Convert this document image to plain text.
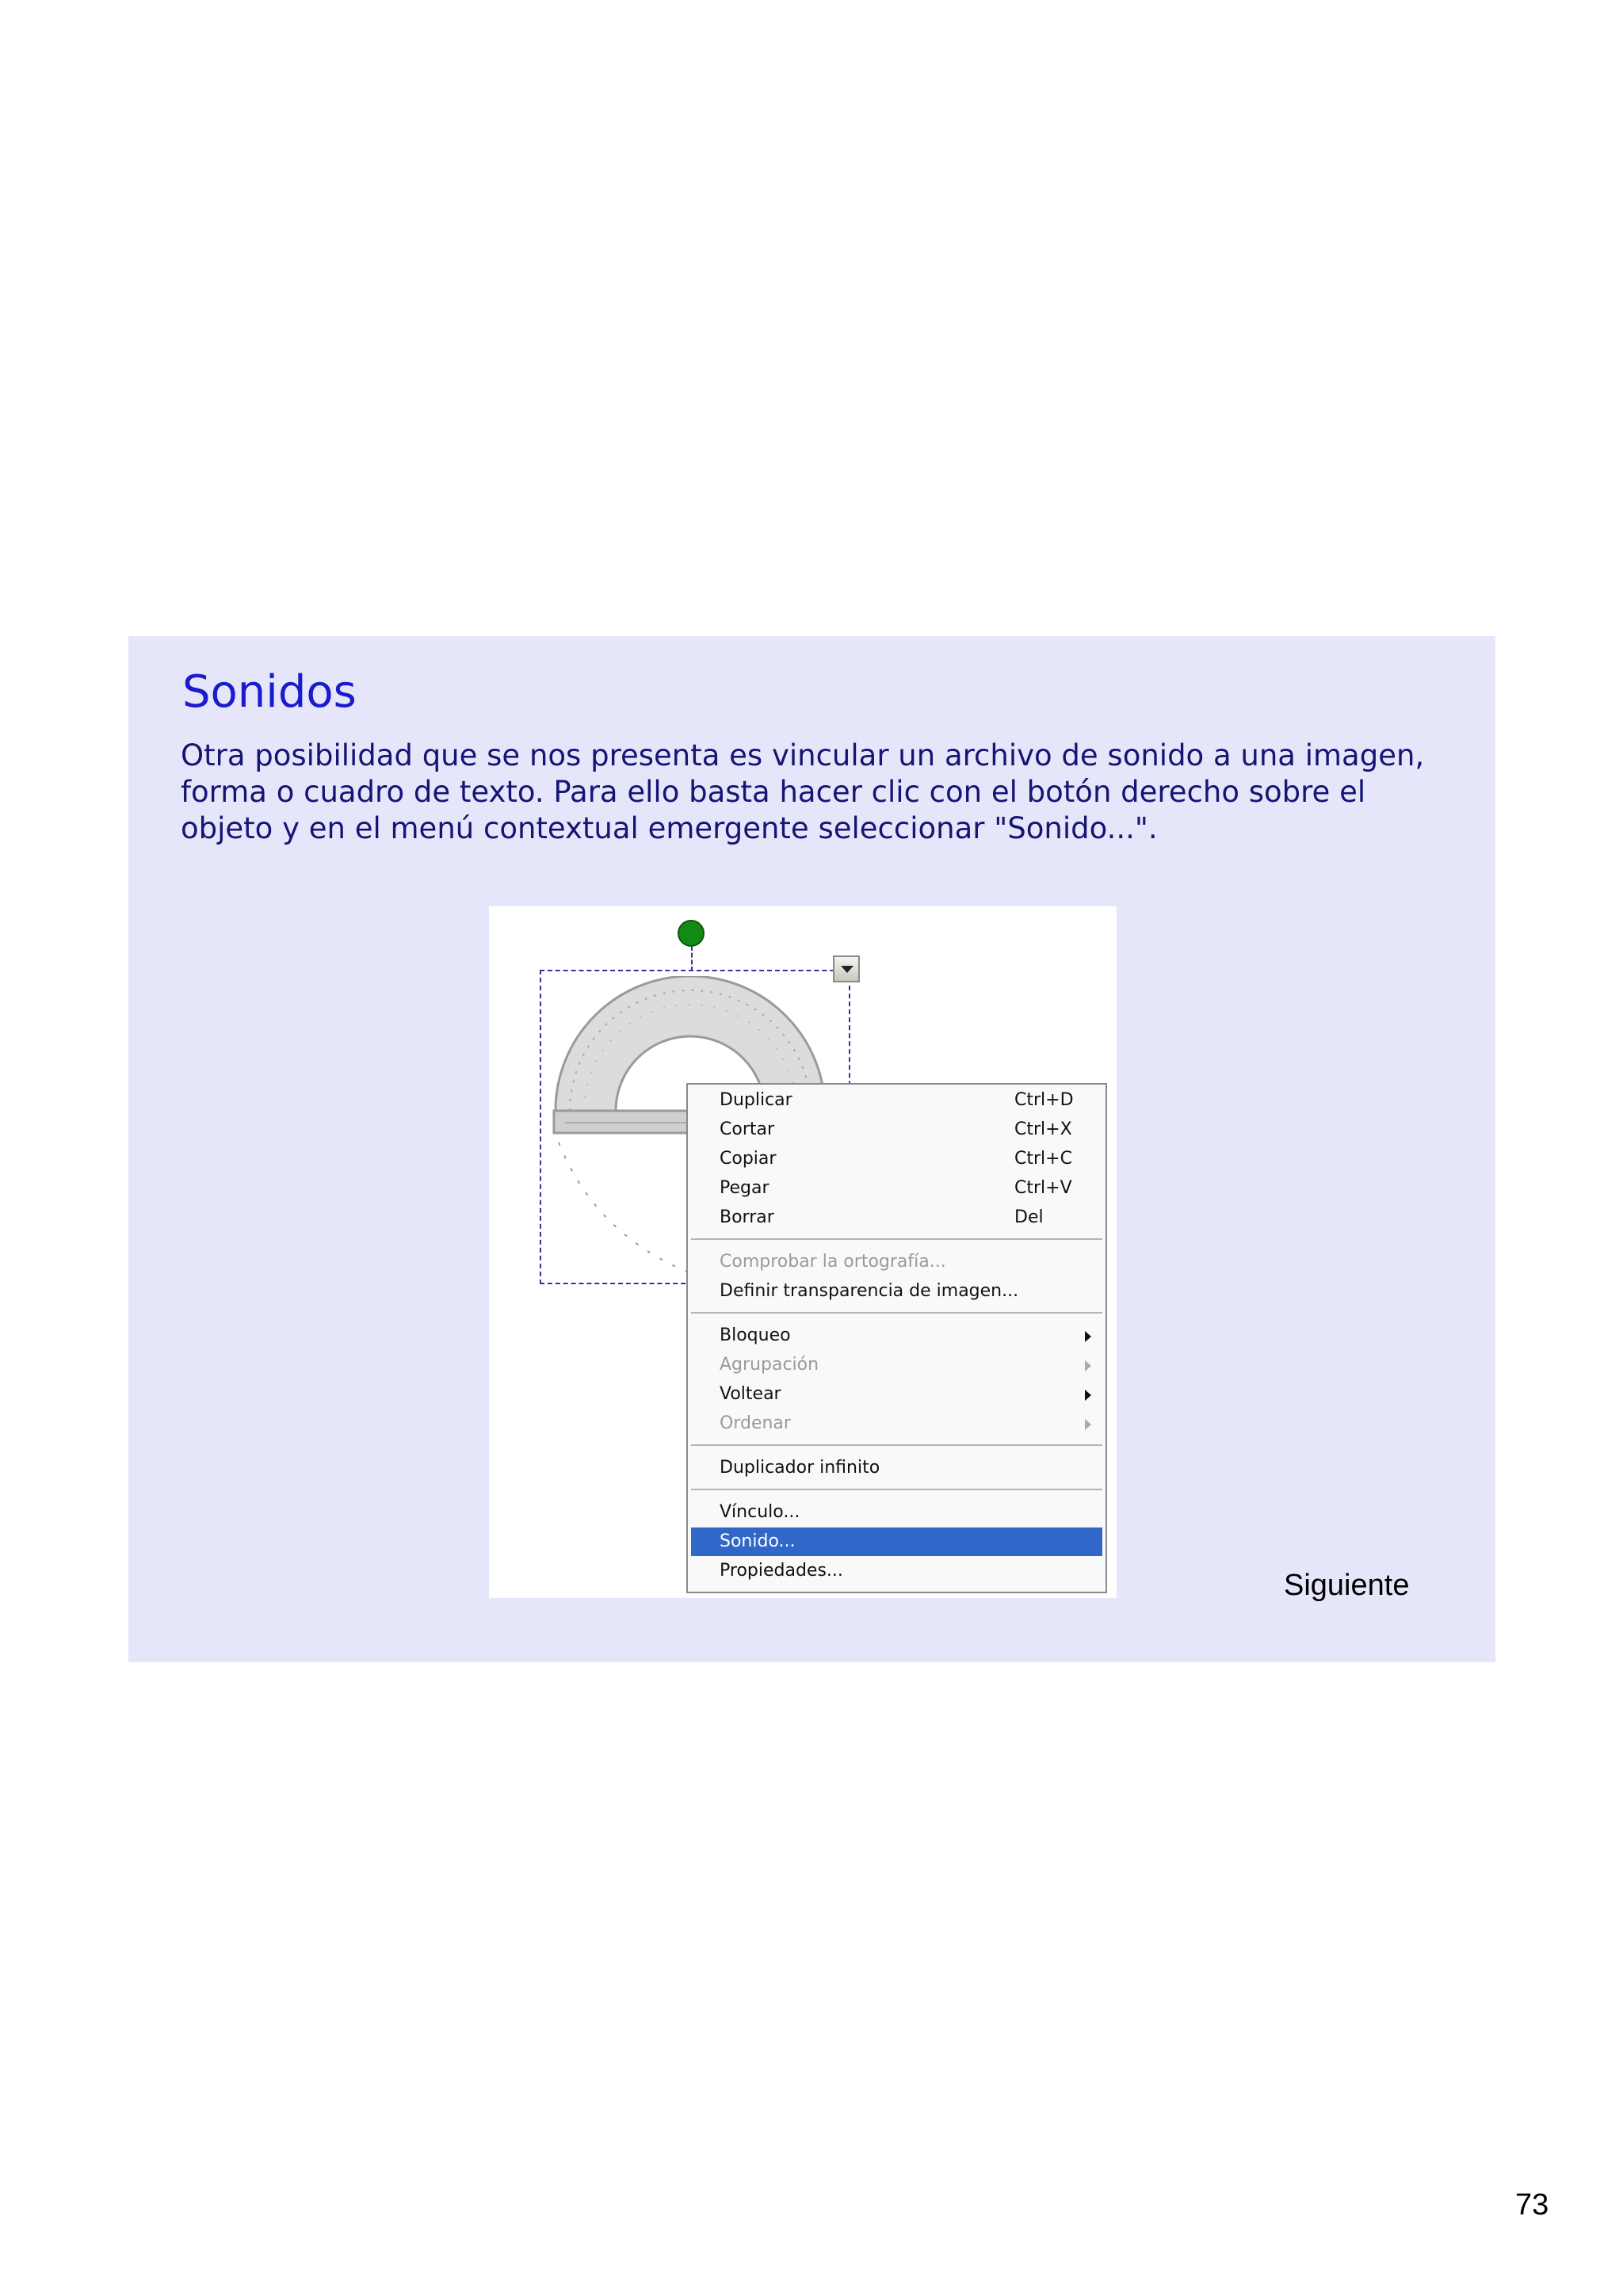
Sonidos

Otra posibilidad que se nos presenta es vincular un archivo de sonido a una imagen, forma o cuadro de texto. Para ello basta hacer clic con el botón derecho sobre el objeto y en el menú contextual emergente seleccionar "Sonido...".

Siguiente
Duplicar	Ctrl+D
Cortar	Ctrl+X
Copiar	Ctrl+C
Pegar	Ctrl+V
Borrar	Del
Comprobar la ortografía...
Definir transparencia de imagen...
Bloqueo
Agrupación
Voltear
Ordenar
Duplicador infinito
Vínculo...
Sonido...
Propiedades...
73
